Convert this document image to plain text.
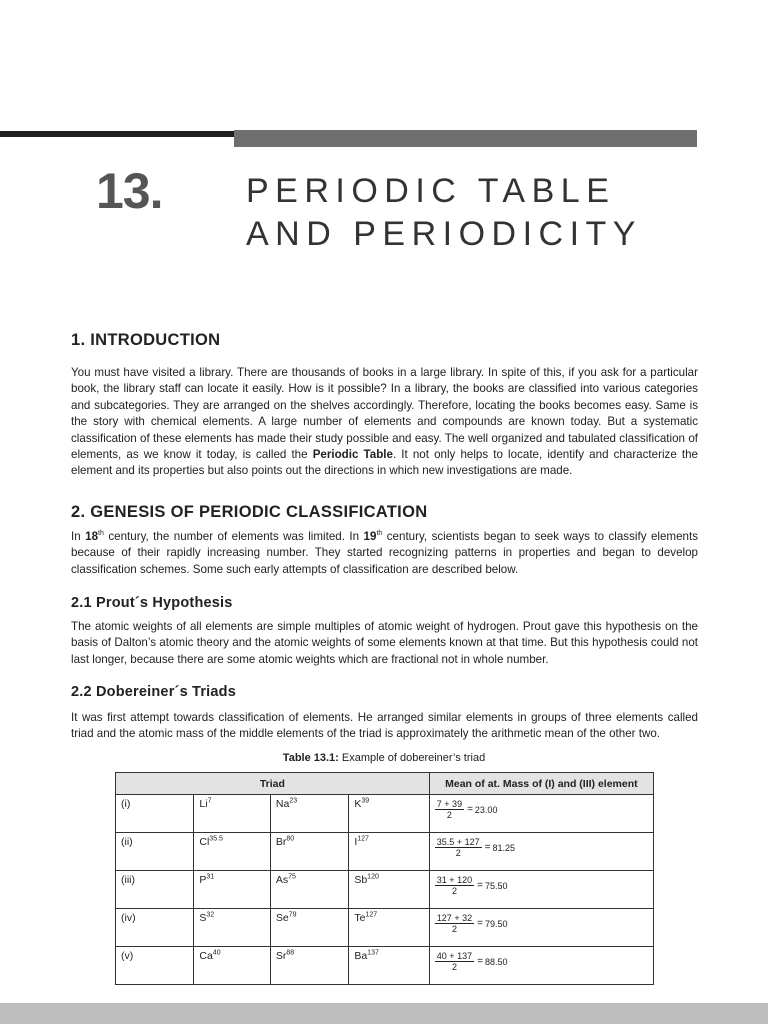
13. PERIODIC TABLE
AND PERIODICITY
1. INTRODUCTION

You must have visited a library. There are thousands of books in a large library. In spite of this, if you ask for a particular book, the library staff can locate it easily. How is it possible? In a library, the books are classified into various categories and subcategories. They are arranged on the shelves accordingly. Therefore, locating the books becomes easy. Same is the story with chemical elements. A large number of elements and compounds are known today. But a systematic classification of these elements has made their study possible and easy. The well organized and tabulated classification of elements, as we know it today, is called the Periodic Table. It not only helps to locate, identify and characterize the element and its properties but also points out the directions in which new investigations are made.

2. GENESIS OF PERIODIC CLASSIFICATION

In 18th century, the number of elements was limited. In 19th century, scientists began to seek ways to classify elements because of their rapidly increasing number. They started recognizing patterns in properties and began to develop classification schemes. Some such early attempts of classification are described below.

2.1 Prout´s Hypothesis

The atomic weights of all elements are simple multiples of atomic weight of hydrogen. Prout gave this hypothesis on the basis of Dalton’s atomic theory and the atomic weights of some elements known at that time. But this hypothesis could not last longer, because there are some atomic weights which are fractional not in whole number.

2.2 Dobereiner´s Triads

It was first attempt towards classification of elements. He arranged similar elements in groups of three elements called triad and the atomic mass of the middle elements of the triad is approximately the arithmetic mean of the other two.

Table 13.1: Example of dobereiner’s triad
Triad				Mean of at. Mass of (I) and (III) element
(i)	Li$^7$	Na$^{23}$	$K^{39}$	$\frac{7 + 39}{2} = 23.00$

(ii)	$Cl^{35.5}$	Br$^{80}$	$I^{127}$	$\frac{35.5 + 127}{2} = 81.25$

(iii)	$P^{31}$	As$^{75}$	Sb$^{120}$	$\frac{31 + 120}{2} = 75.50$

(iv)	$S^{32}$	Se$^{79}$	Te$^{127}$	$\frac{127 + 32}{2} = 79.50$

(v)	Ca$^{40}$	Sr$^{88}$	Ba$^{137}$	$\frac{40 + 137}{2} = 88.50$
